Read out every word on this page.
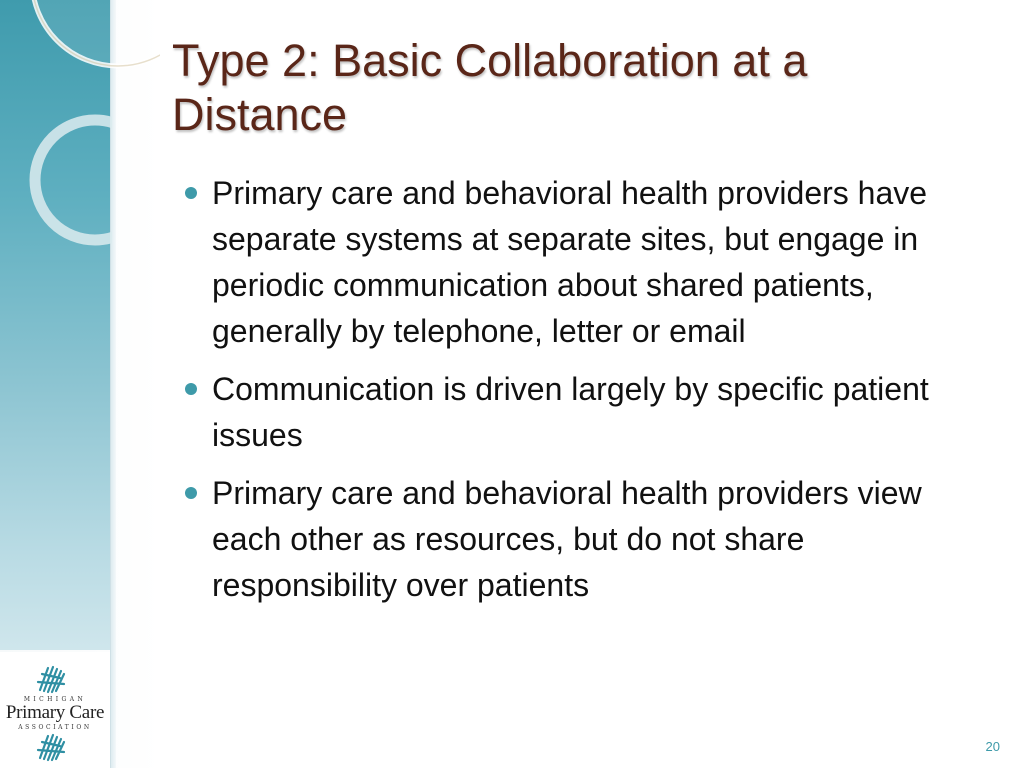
MICHIGAN
Primary Care
ASSOCIATION
Type 2: Basic Collaboration at a Distance
Primary care and behavioral health providers have separate systems at separate sites, but engage in periodic communication about shared patients, generally by telephone, letter or email
Communication is driven largely by specific patient issues
Primary care and behavioral health providers view each other as resources, but do not share responsibility over patients
20
